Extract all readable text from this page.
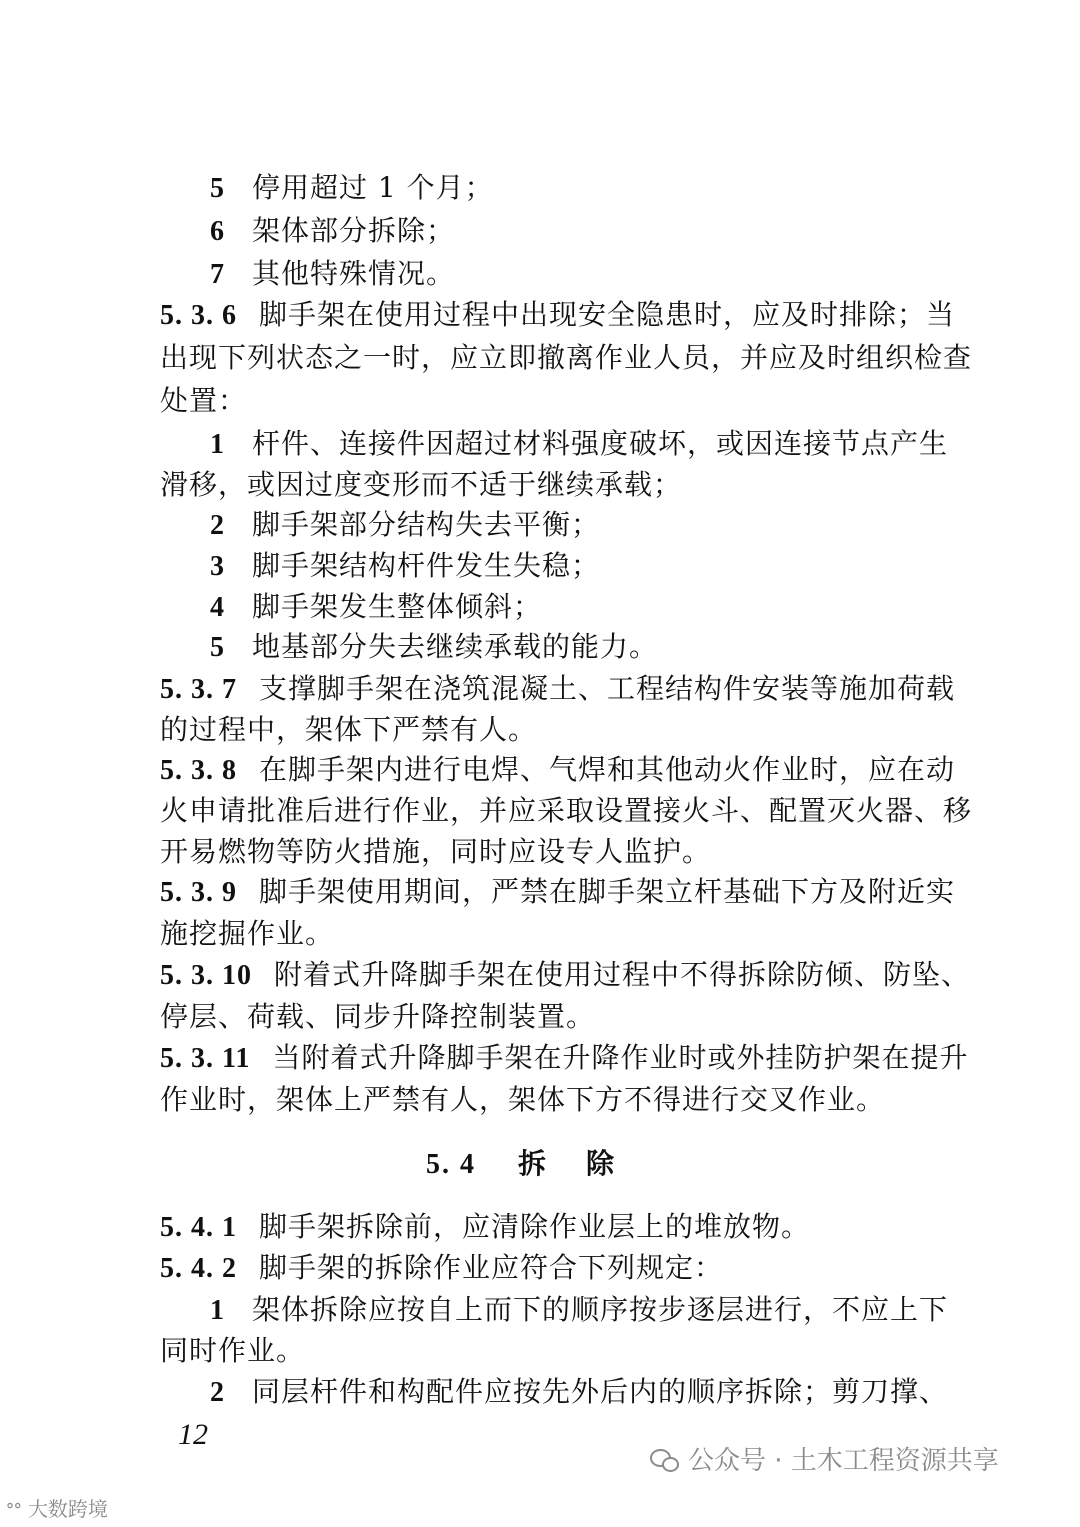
5 停用超过 1 个月；
6 架体部分拆除；
7 其他特殊情况。
5. 3. 6 脚手架在使用过程中出现安全隐患时，应及时排除；当
出现下列状态之一时，应立即撤离作业人员，并应及时组织检查
处置：
1 杆件、连接件因超过材料强度破坏，或因连接节点产生
滑移，或因过度变形而不适于继续承载；
2 脚手架部分结构失去平衡；
3 脚手架结构杆件发生失稳；
4 脚手架发生整体倾斜；
5 地基部分失去继续承载的能力。
5. 3. 7 支撑脚手架在浇筑混凝土、工程结构件安装等施加荷载
的过程中，架体下严禁有人。
5. 3. 8 在脚手架内进行电焊、气焊和其他动火作业时，应在动
火申请批准后进行作业，并应采取设置接火斗、配置灭火器、移
开易燃物等防火措施，同时应设专人监护。
5. 3. 9 脚手架使用期间，严禁在脚手架立杆基础下方及附近实
施挖掘作业。
5. 3. 10 附着式升降脚手架在使用过程中不得拆除防倾、防坠、
停层、荷载、同步升降控制装置。
5. 3. 11 当附着式升降脚手架在升降作业时或外挂防护架在提升
作业时，架体上严禁有人，架体下方不得进行交叉作业。
5. 4 拆除
5. 4. 1 脚手架拆除前，应清除作业层上的堆放物。
5. 4. 2 脚手架的拆除作业应符合下列规定：
1 架体拆除应按自上而下的顺序按步逐层进行，不应上下
同时作业。
2 同层杆件和构配件应按先外后内的顺序拆除；剪刀撑、
12
公众号 · 土木工程资源共享
ᐤᐤ 大数跨境
